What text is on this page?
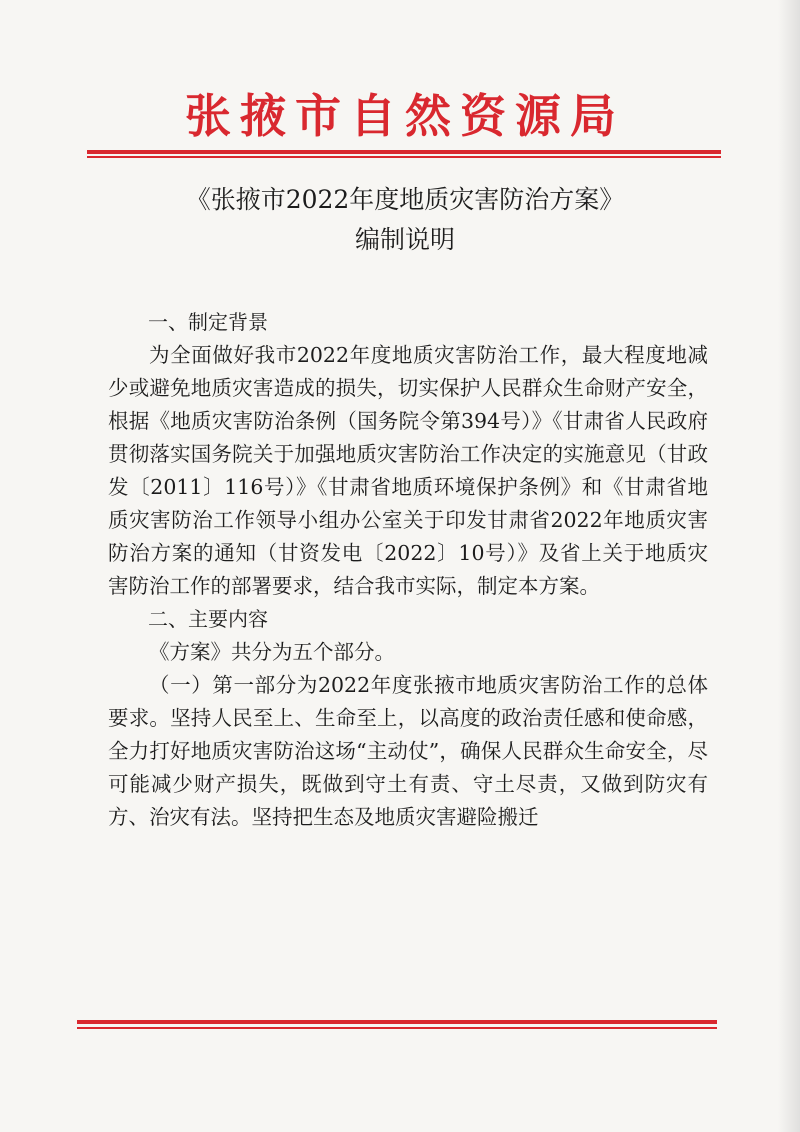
张掖市自然资源局
《张掖市2022年度地质灾害防治方案》
编制说明

一、制定背景

为全面做好我市2022年度地质灾害防治工作，最大程度地减少或避免地质灾害造成的损失，切实保护人民群众生命财产安全，根据《地质灾害防治条例（国务院令第394号）》《甘肃省人民政府贯彻落实国务院关于加强地质灾害防治工作决定的实施意见（甘政发〔2011〕116号）》《甘肃省地质环境保护条例》和《甘肃省地质灾害防治工作领导小组办公室关于印发甘肃省2022年地质灾害防治方案的通知（甘资发电〔2022〕10号）》及省上关于地质灾害防治工作的部署要求，结合我市实际，制定本方案。

二、主要内容

《方案》共分为五个部分。

（一）第一部分为2022年度张掖市地质灾害防治工作的总体要求。坚持人民至上、生命至上，以高度的政治责任感和使命感，全力打好地质灾害防治这场“主动仗”，确保人民群众生命安全，尽可能减少财产损失，既做到守土有责、守土尽责，又做到防灾有方、治灾有法。坚持把生态及地质灾害避险搬迁
